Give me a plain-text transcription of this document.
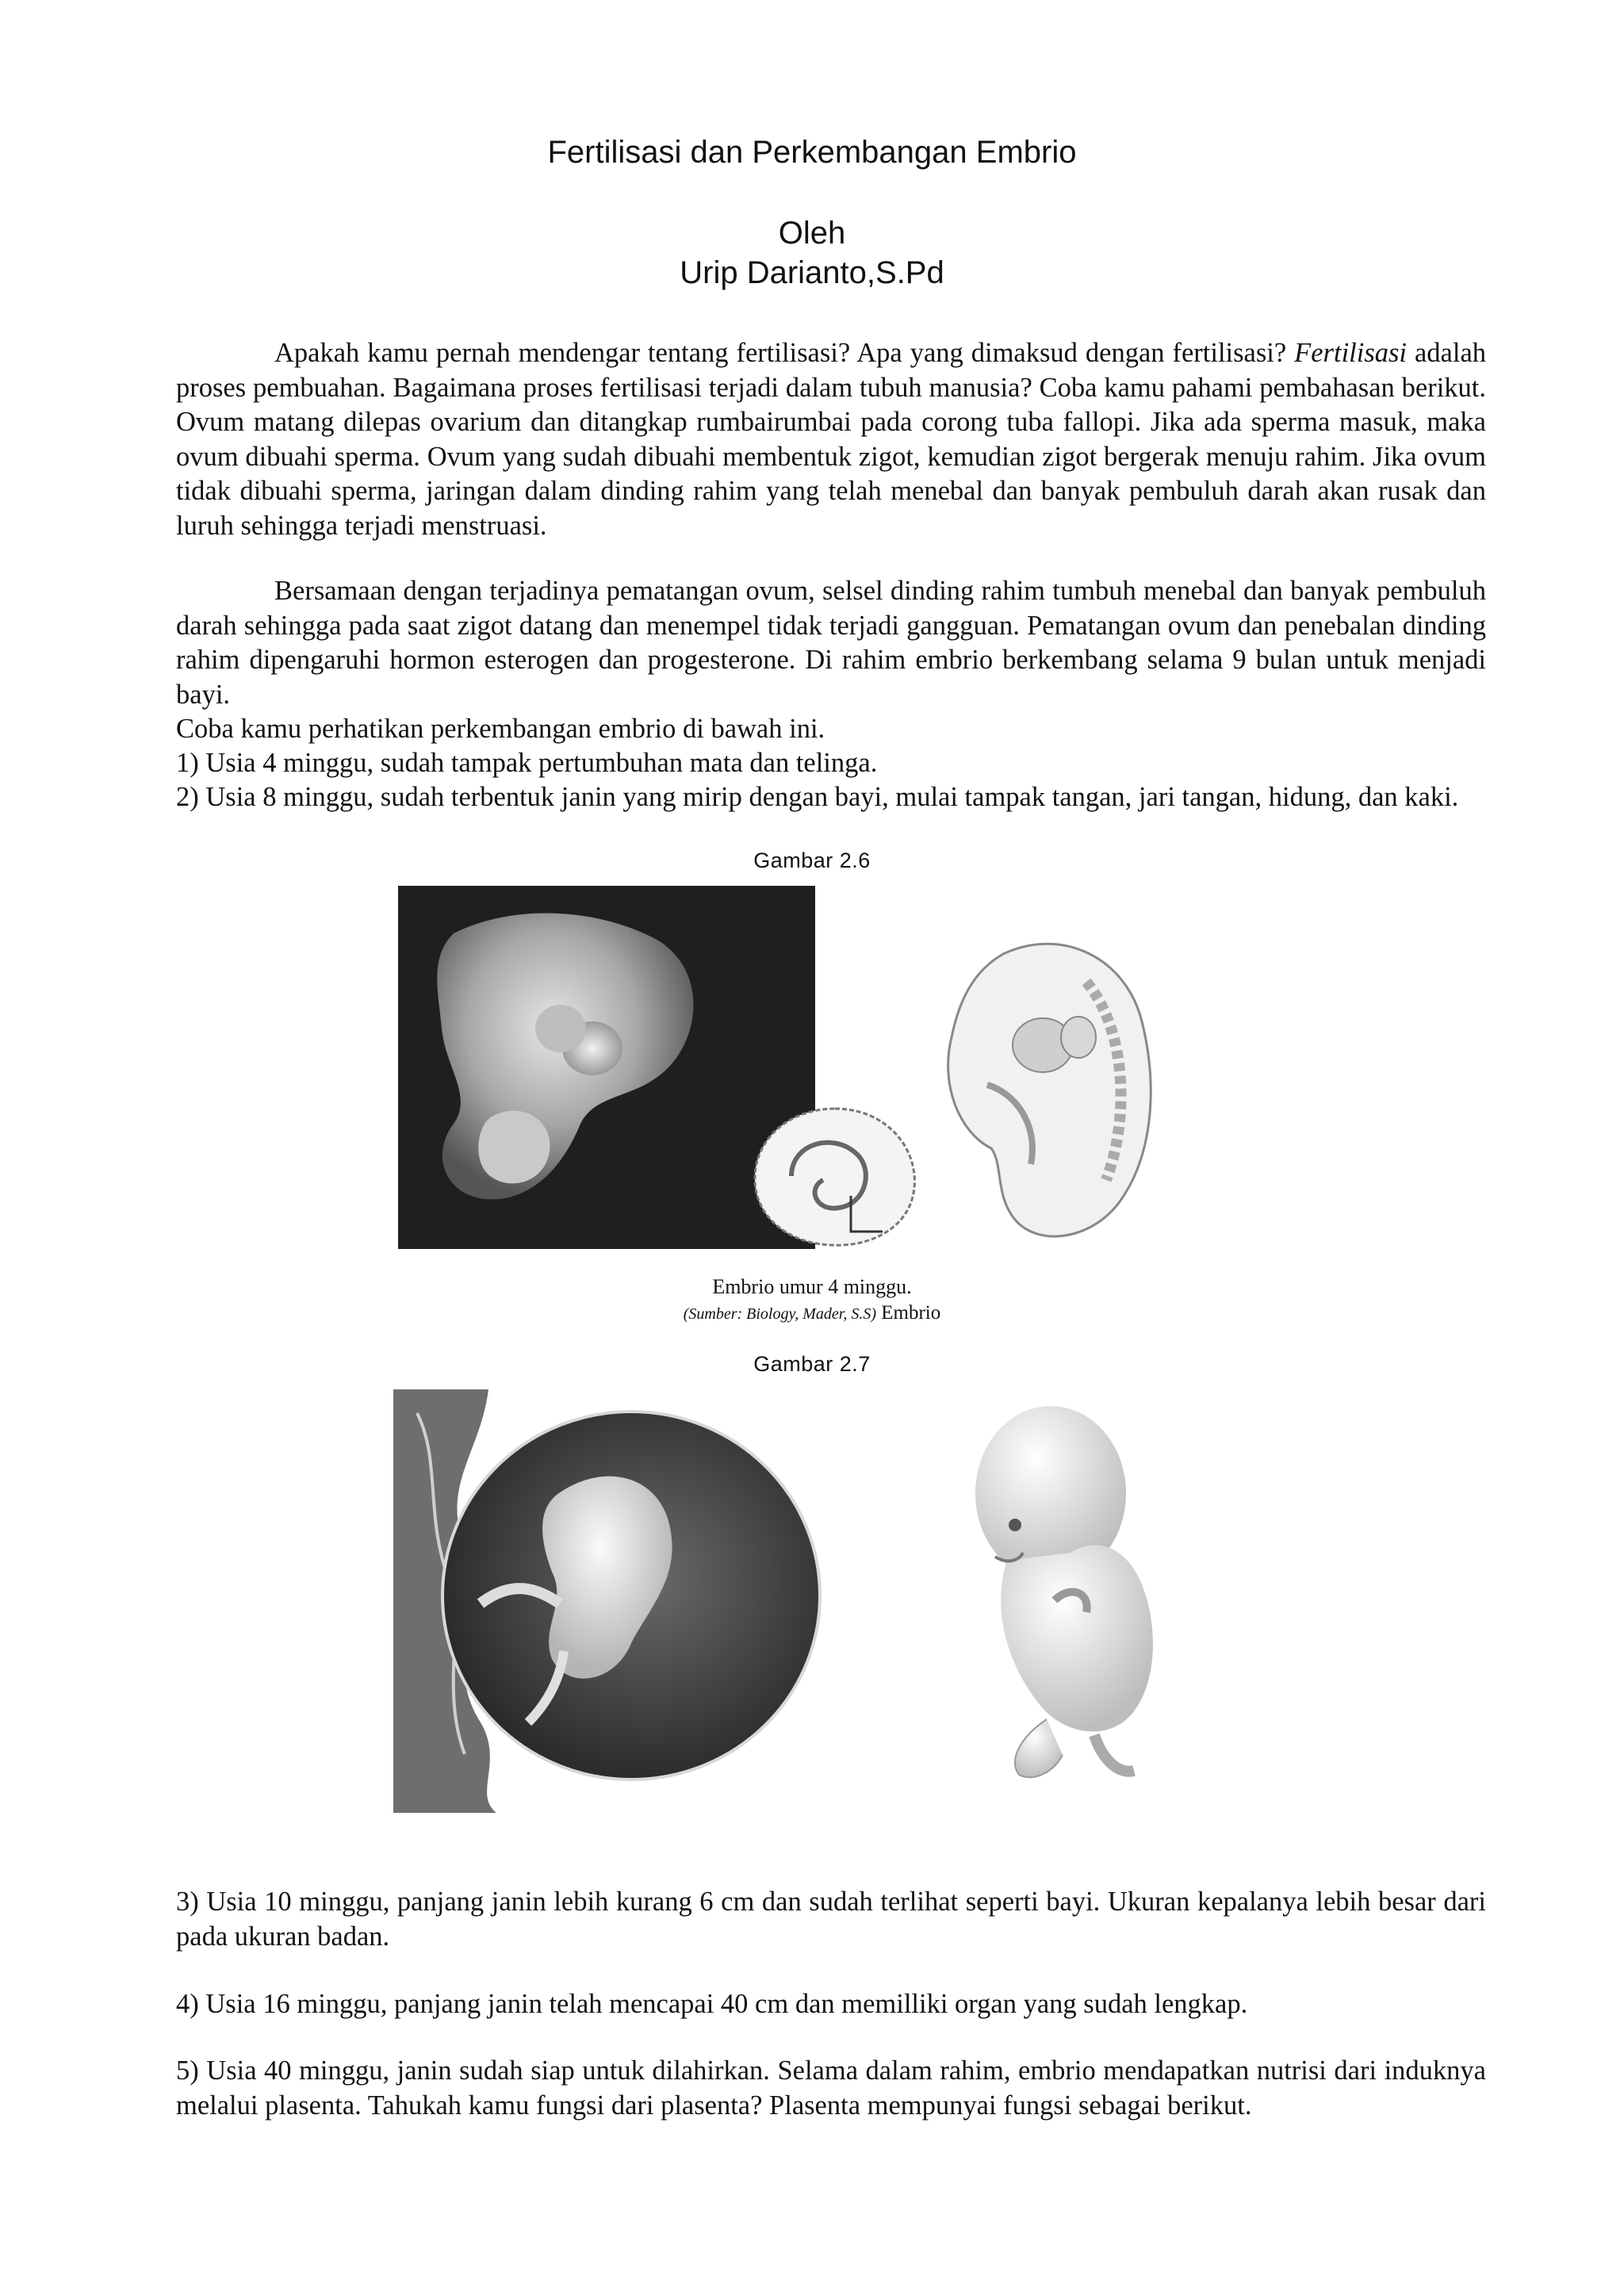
Fertilisasi dan Perkembangan Embrio
Oleh
Urip Darianto,S.Pd
Apakah kamu pernah mendengar tentang fertilisasi? Apa yang dimaksud dengan fertilisasi? Fertilisasi adalah proses pembuahan. Bagaimana proses fertilisasi terjadi dalam tubuh manusia? Coba kamu pahami pembahasan berikut. Ovum matang dilepas ovarium dan ditangkap rumbairumbai pada corong tuba fallopi. Jika ada sperma masuk, maka ovum dibuahi sperma. Ovum yang sudah dibuahi membentuk zigot, kemudian zigot bergerak menuju rahim. Jika ovum tidak dibuahi sperma, jaringan dalam dinding rahim yang telah menebal dan banyak pembuluh darah akan rusak dan luruh sehingga terjadi menstruasi.
Bersamaan dengan terjadinya pematangan ovum, selsel dinding rahim tumbuh menebal dan banyak pembuluh darah sehingga pada saat zigot datang dan menempel tidak terjadi gangguan. Pematangan ovum dan penebalan dinding rahim dipengaruhi hormon esterogen dan progesterone. Di rahim embrio berkembang selama 9 bulan untuk menjadi bayi.
Coba kamu perhatikan perkembangan embrio di bawah ini.
1) Usia 4 minggu, sudah tampak pertumbuhan mata dan telinga.
2) Usia 8 minggu, sudah terbentuk janin yang mirip dengan bayi, mulai tampak tangan, jari tangan, hidung, dan kaki.
Gambar 2.6
Embrio umur 4 minggu.
(Sumber: Biology, Mader, S.S) Embrio
Gambar 2.7
3) Usia 10 minggu, panjang janin lebih kurang 6 cm dan sudah terlihat seperti bayi. Ukuran kepalanya lebih besar dari pada ukuran badan.
4) Usia 16 minggu, panjang janin telah mencapai 40 cm dan memilliki organ yang sudah lengkap.
5) Usia 40 minggu, janin sudah siap untuk dilahirkan. Selama dalam rahim, embrio mendapatkan nutrisi dari induknya melalui plasenta. Tahukah kamu fungsi dari plasenta? Plasenta mempunyai fungsi sebagai berikut.
